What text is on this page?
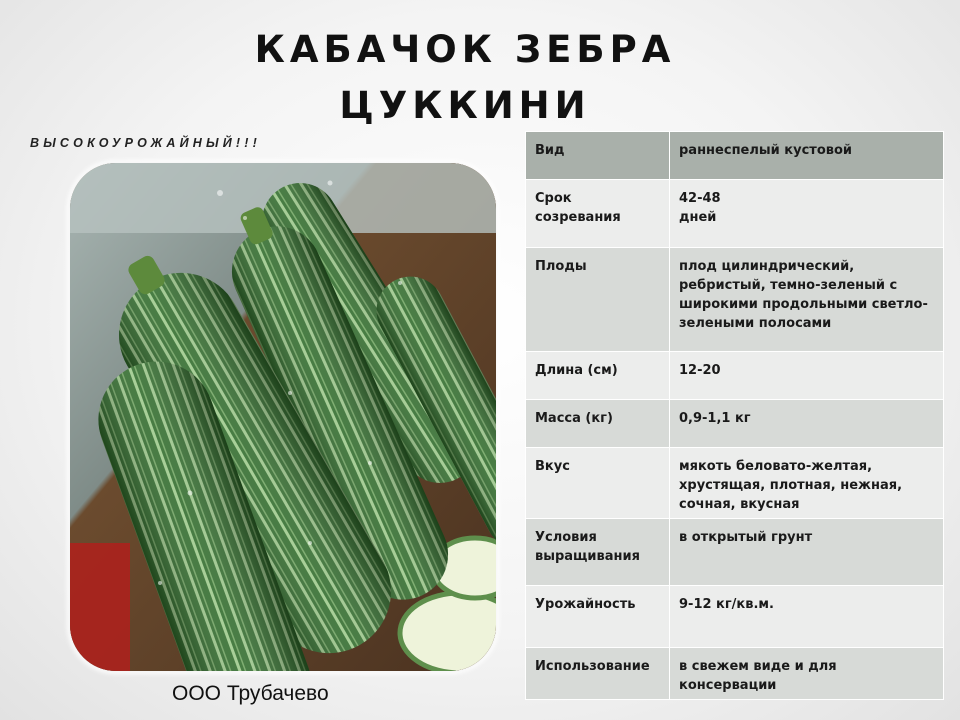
КАБАЧОК ЗЕБРА
ЦУККИНИ
ВЫСОКОУРОЖАЙНЫЙ!!!
ООО Трубачево
Вид	раннеспелый кустовой
Срок созревания	42-48
дней
Плоды	плод цилиндрический, ребристый, темно-зеленый с широкими продольными светло-зелеными полосами
Длина (см)	12-20
Масса (кг)	0,9-1,1 кг
Вкус	мякоть беловато-желтая, хрустящая, плотная, нежная, сочная, вкусная
Условия выращивания	в открытый грунт
Урожайность	9-12 кг/кв.м.
Использование	в свежем виде и для консервации
